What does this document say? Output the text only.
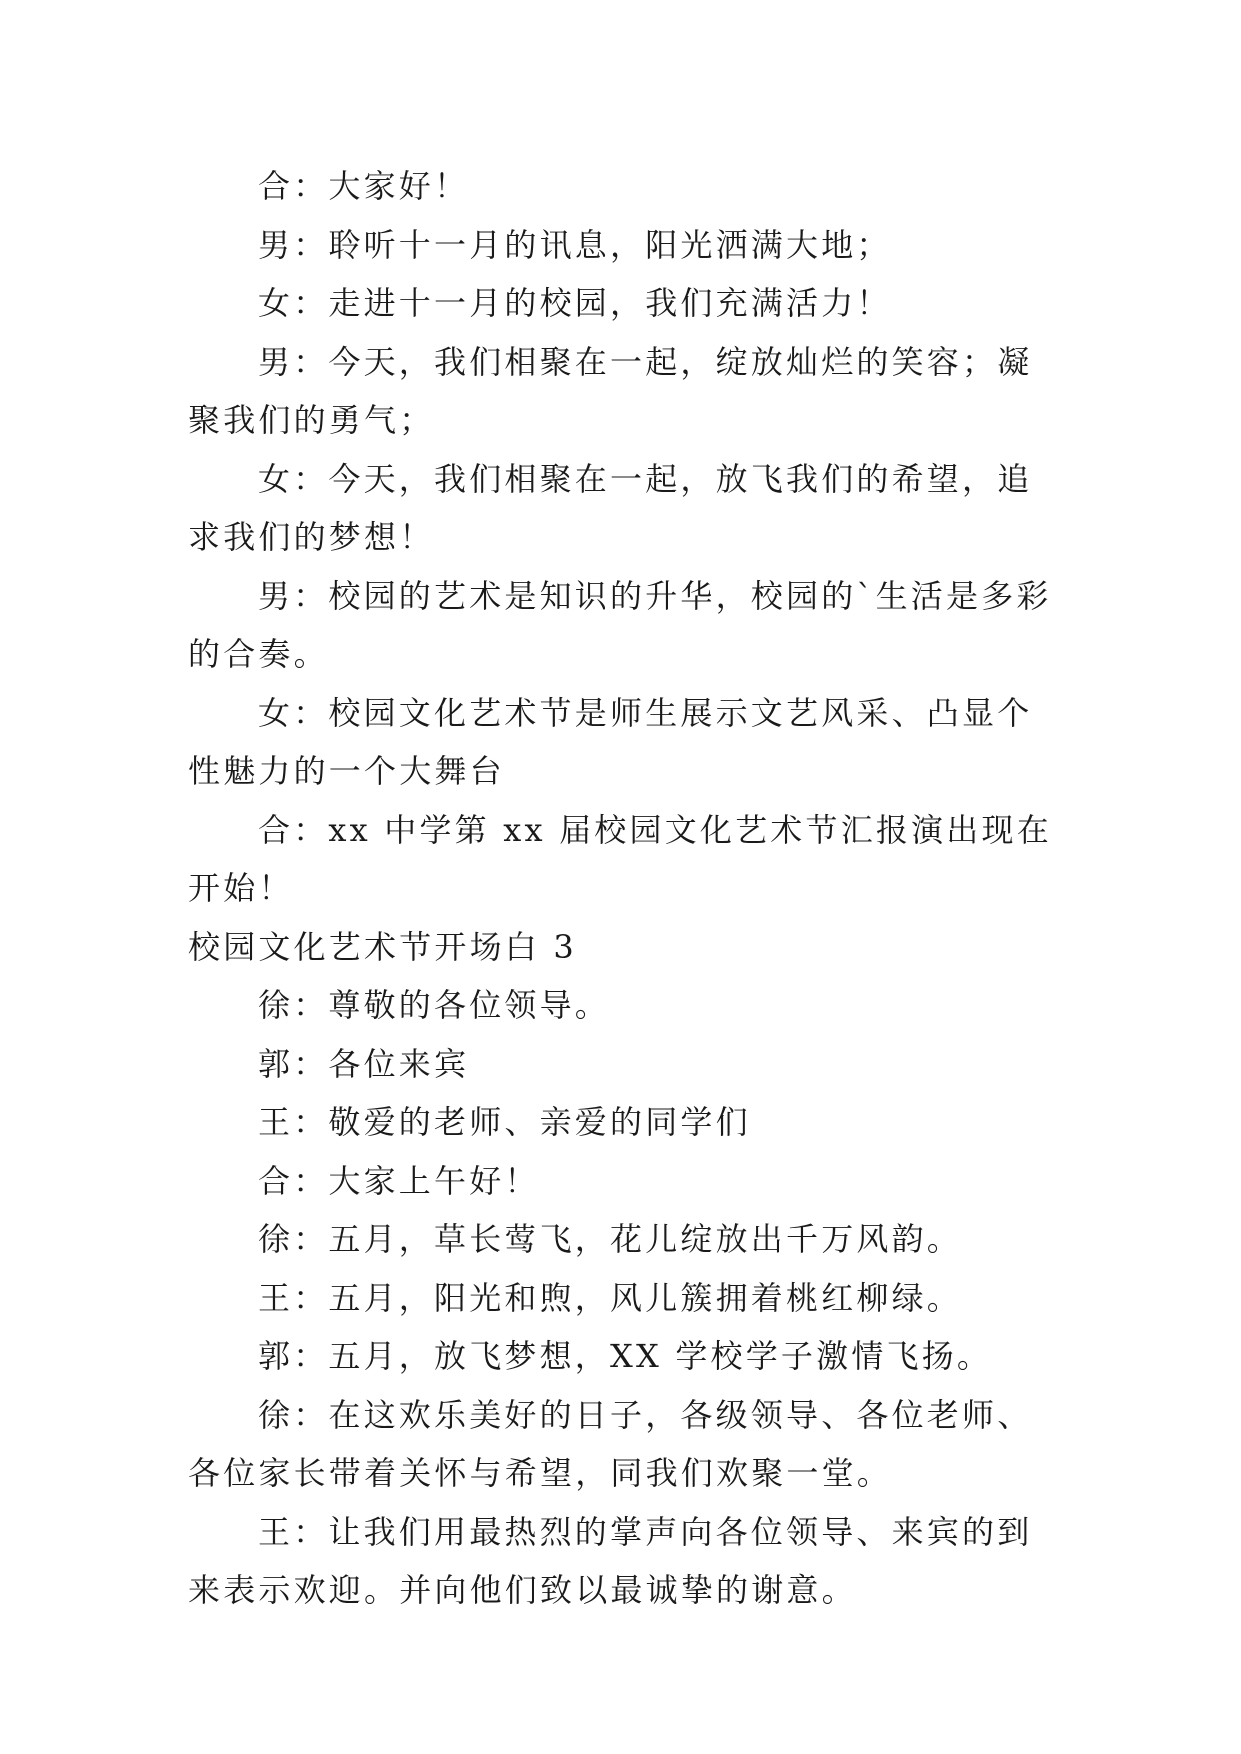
合：大家好！

男：聆听十一月的讯息，阳光洒满大地；

女：走进十一月的校园，我们充满活力！

男：今天，我们相聚在一起，绽放灿烂的笑容；凝聚我们的勇气；

女：今天，我们相聚在一起，放飞我们的希望，追求我们的梦想！

男：校园的艺术是知识的升华，校园的`生活是多彩的合奏。

女：校园文化艺术节是师生展示文艺风采、凸显个性魅力的一个大舞台

合：xx 中学第 xx 届校园文化艺术节汇报演出现在开始！

校园文化艺术节开场白 3

徐：尊敬的各位领导。

郭：各位来宾

王：敬爱的老师、亲爱的同学们

合：大家上午好！

徐：五月，草长莺飞，花儿绽放出千万风韵。

王：五月，阳光和煦，风儿簇拥着桃红柳绿。

郭：五月，放飞梦想，XX 学校学子激情飞扬。

徐：在这欢乐美好的日子，各级领导、各位老师、各位家长带着关怀与希望，同我们欢聚一堂。

王：让我们用最热烈的掌声向各位领导、来宾的到来表示欢迎。并向他们致以最诚挚的谢意。
